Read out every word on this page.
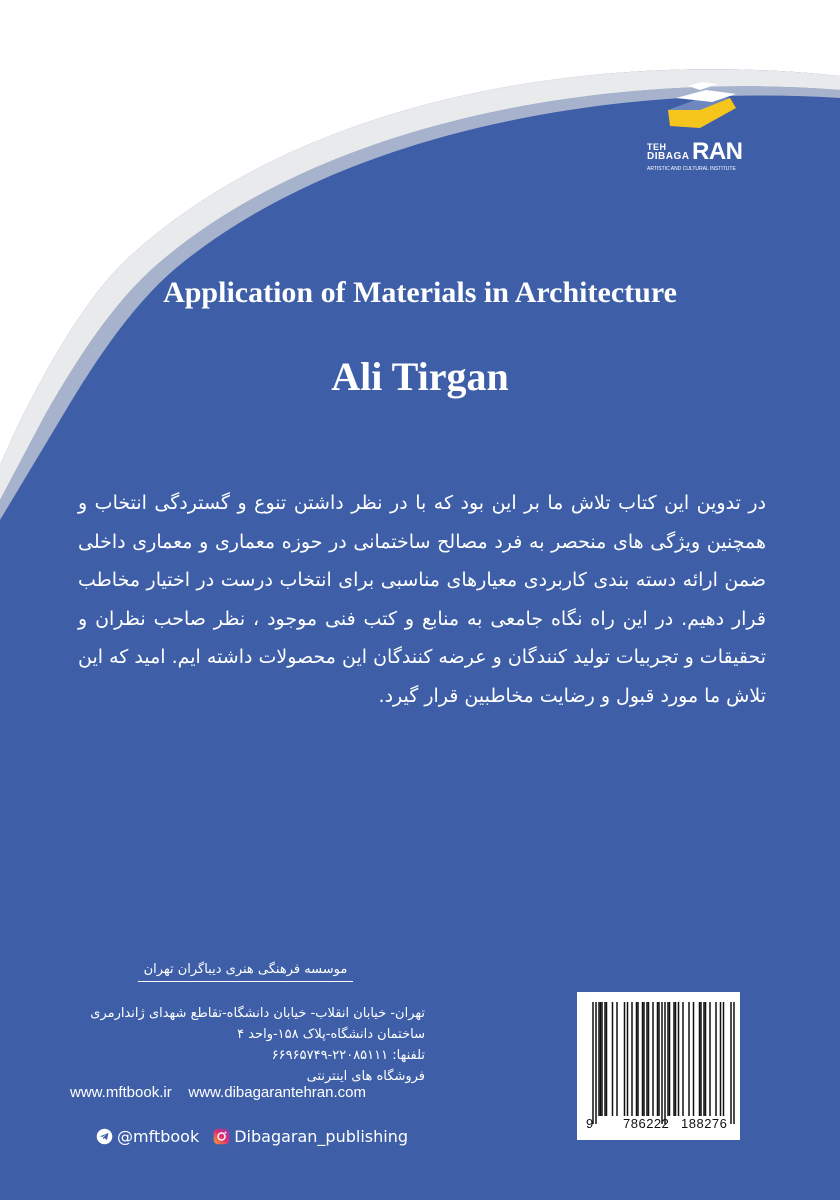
TEH
DIBAGA RAN
ARTISTIC AND CULTURAL INSTITUTE
Application of Materials in Architecture
Ali Tirgan

در تدوین این کتاب تلاش ما بر این بود که با در نظر داشتن تنوع و گستردگی انتخاب و همچنین ویژگی های منحصر به فرد مصالح ساختمانی در حوزه معماری و معماری داخلی ضمن ارائه دسته بندی کاربردی معیارهای مناسبی برای انتخاب درست در اختیار مخاطب قرار دهیم. در این راه نگاه جامعی به منابع و کتب فنی موجود ، نظر صاحب نظران و تحقیقات و تجربیات تولید کنندگان و عرضه کنندگان این محصولات داشته ایم. امید که این تلاش ما مورد قبول و رضایت مخاطبین قرار گیرد.

موسسه فرهنگی هنری دیباگران تهران
تهران- خیابان انقلاب- خیابان دانشگاه-تقاطع شهدای ژاندارمری
ساختمان دانشگاه-پلاک ۱۵۸-واحد ۴
تلفنها: ۲۲۰۸۵۱۱۱-۶۶۹۶۵۷۴۹
فروشگاه های اینترنتی
www.mftbook.ir www.dibagarantehran.com
@mftbook Dibagaran_publishing
9 786222 188276
